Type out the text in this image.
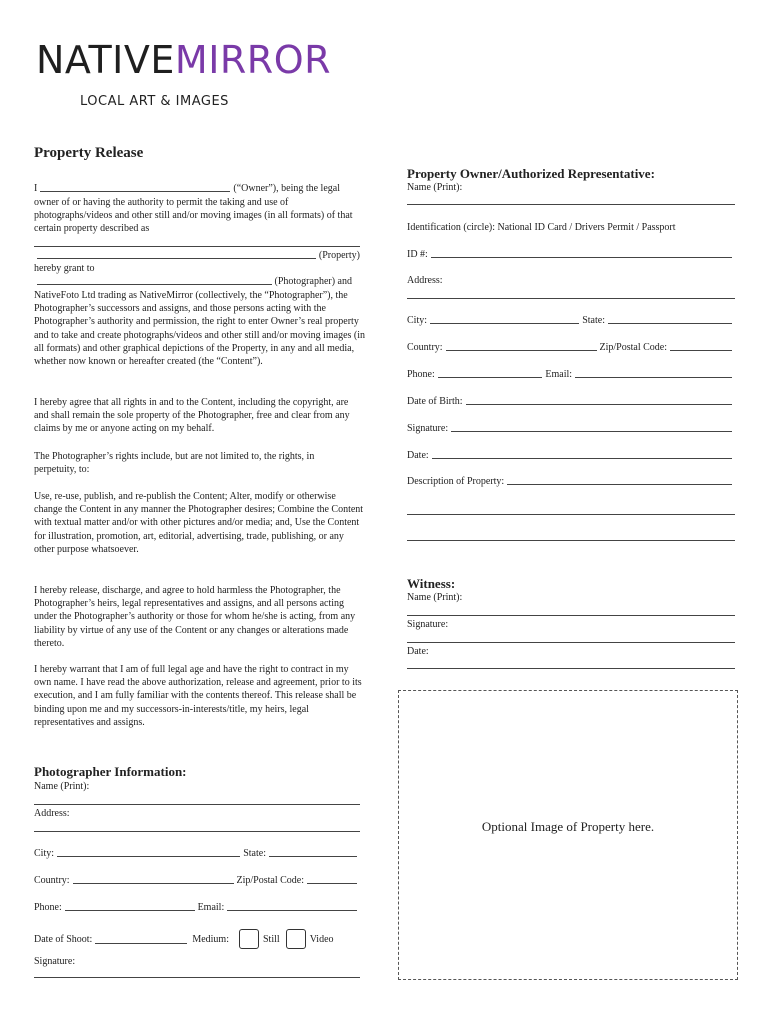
NATIVEMIRROR
LOCAL ART & IMAGES
Property Release
I	(“Owner”), being the legal
owner of or having the authority to permit the taking and use of photographs/videos and other still and/or moving images (in all formats) of that certain property described as
(Property)
hereby grant to
(Photographer) and
NativeFoto Ltd trading as NativeMirror (collectively, the “Photographer”), the Photographer’s successors and assigns, and those persons acting with the Photographer’s authority and permission, the right to enter Owner’s real property and to take and create photographs/videos and other still and/or moving images (in all formats) and other graphical depictions of the Property, in any and all media, whether now known or hereafter created (the “Content”).
I hereby agree that all rights in and to the Content, including the copyright, are and shall remain the sole property of the Photographer, free and clear from any claims by me or anyone acting on my behalf.
The Photographer’s rights include, but are not limited to, the rights, in perpetuity, to:
Use, re-use, publish, and re-publish the Content; Alter, modify or otherwise change the Content in any manner the Photographer desires; Combine the Content with textual matter and/or with other pictures and/or media; and, Use the Content for illustration, promotion, art, editorial, advertising, trade, publishing, or any other purpose whatsoever.
I hereby release, discharge, and agree to hold harmless the Photographer, the Photographer’s heirs, legal representatives and assigns, and all persons acting under the Photographer’s authority or those for whom he/she is acting, from any liability by virtue of any use of the Content or any changes or alterations made thereto.
I hereby warrant that I am of full legal age and have the right to contract in my own name. I have read the above authorization, release and agreement, prior to its execution, and I am fully familiar with the contents thereof. This release shall be binding upon me and my successors-in-interests/title, my heirs, legal representatives and assigns.
Photographer Information:
Name (Print):
Address:
City:	State:
Country:	Zip/Postal Code:
Phone:	Email:
Date of Shoot:	Medium:	Still	Video
Signature:
Property Owner/Authorized Representative:
Name (Print):
Identification (circle): National ID Card / Drivers Permit / Passport
ID #:
Address:
City:	State:
Country:	Zip/Postal Code:
Phone:	Email:
Date of Birth:
Signature:
Date:
Description of Property:
Witness:
Name (Print):
Signature:
Date:
Optional Image of Property here.
